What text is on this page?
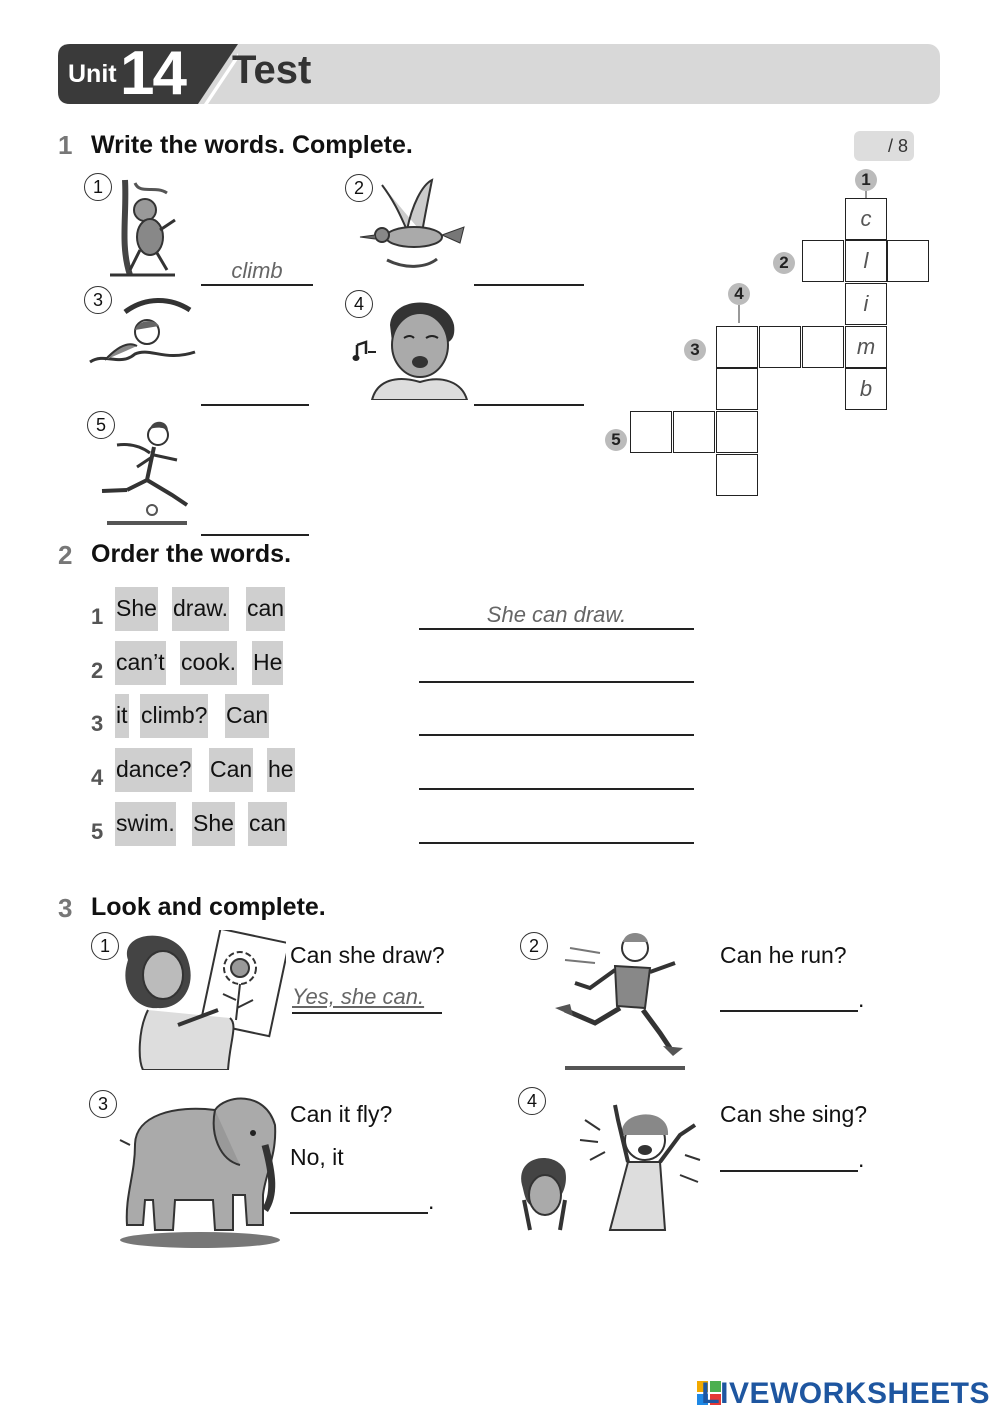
Unit 14 Test
1 Write the words. Complete.	/ 8
1
climb
2
3	4
5
1
2
3
4
5
c
l
i
m
b
2 Order the words.
1 She draw. can	She can draw.
2 can’t cook. He
3 it climb? Can
4 dance? Can he
5 swim. She can
3 Look and complete.
1	Can she draw?
Yes, she can.
2	Can he run?
.
3	Can it fly?
No, it
.
4	Can she sing?
.
LIVEWORKSHEETS
